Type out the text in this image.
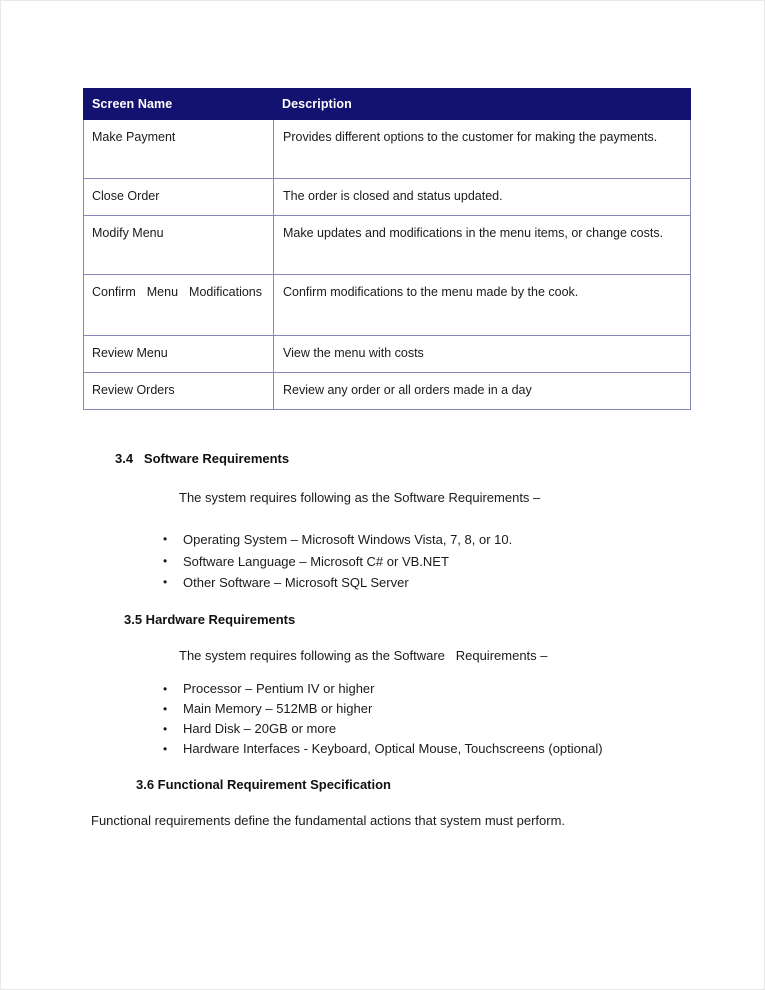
Screen Name	Description
Make Payment	Provides different options to the customer for making the payments.
Close Order	The order is closed and status updated.
Modify Menu	Make updates and modifications in the menu items, or change costs.
Confirm Menu Modifications	Confirm modifications to the menu made by the cook.
Review Menu	View the menu with costs
Review Orders	Review any order or all orders made in a day
3.4   Software Requirements
The system requires following as the Software Requirements –
• Operating System – Microsoft Windows Vista, 7, 8, or 10.
• Software Language – Microsoft C# or VB.NET
• Other Software – Microsoft SQL Server
3.5 Hardware Requirements
The system requires following as the Software   Requirements –
• Processor – Pentium IV or higher
• Main Memory – 512MB or higher
• Hard Disk – 20GB or more
• Hardware Interfaces - Keyboard, Optical Mouse, Touchscreens (optional)
3.6 Functional Requirement Specification
Functional requirements define the fundamental actions that system must perform.
